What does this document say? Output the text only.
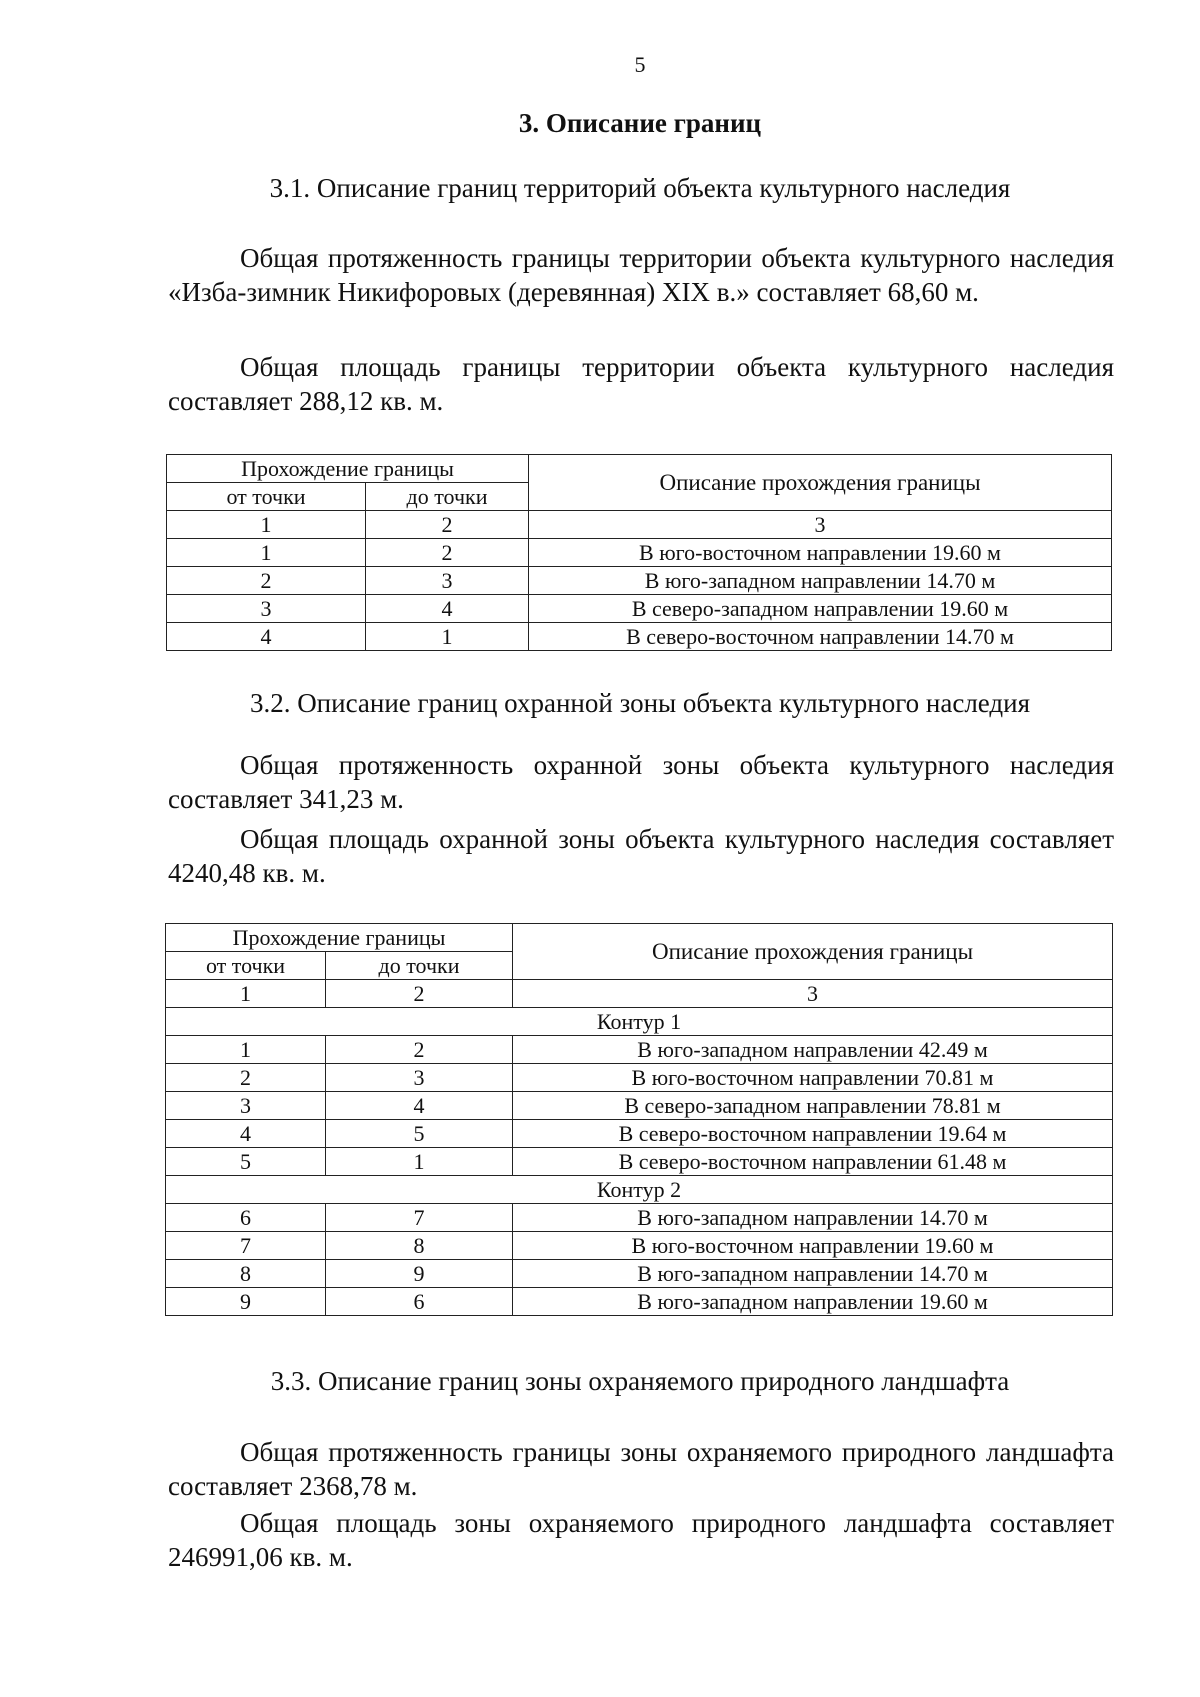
5
3. Описание границ
3.1. Описание границ территорий объекта культурного наследия

Общая протяженность границы территории объекта культурного наследия «Изба-зимник Никифоровых (деревянная) XIX в.» составляет 68,60 м.

Общая площадь границы территории объекта культурного наследия составляет 288,12 кв. м.

Прохождение границы		Описание прохождения границы
от точки	до точки	
1	2	3
1	2	В юго-восточном направлении 19.60 м
2	3	В юго-западном направлении 14.70 м
3	4	В северо-западном направлении 19.60 м
4	1	В северо-восточном направлении 14.70 м
3.2. Описание границ охранной зоны объекта культурного наследия

Общая протяженность охранной зоны объекта культурного наследия составляет 341,23 м.

Общая площадь охранной зоны объекта культурного наследия составляет 4240,48 кв. м.

Прохождение границы		Описание прохождения границы
от точки	до точки	
1	2	3
Контур 1		
1	2	В юго-западном направлении 42.49 м
2	3	В юго-восточном направлении 70.81 м
3	4	В северо-западном направлении 78.81 м
4	5	В северо-восточном направлении 19.64 м
5	1	В северо-восточном направлении 61.48 м
Контур 2		
6	7	В юго-западном направлении 14.70 м
7	8	В юго-восточном направлении 19.60 м
8	9	В юго-западном направлении 14.70 м
9	6	В юго-западном направлении 19.60 м
3.3. Описание границ зоны охраняемого природного ландшафта

Общая протяженность границы зоны охраняемого природного ландшафта составляет 2368,78 м.

Общая площадь зоны охраняемого природного ландшафта составляет 246991,06 кв. м.
